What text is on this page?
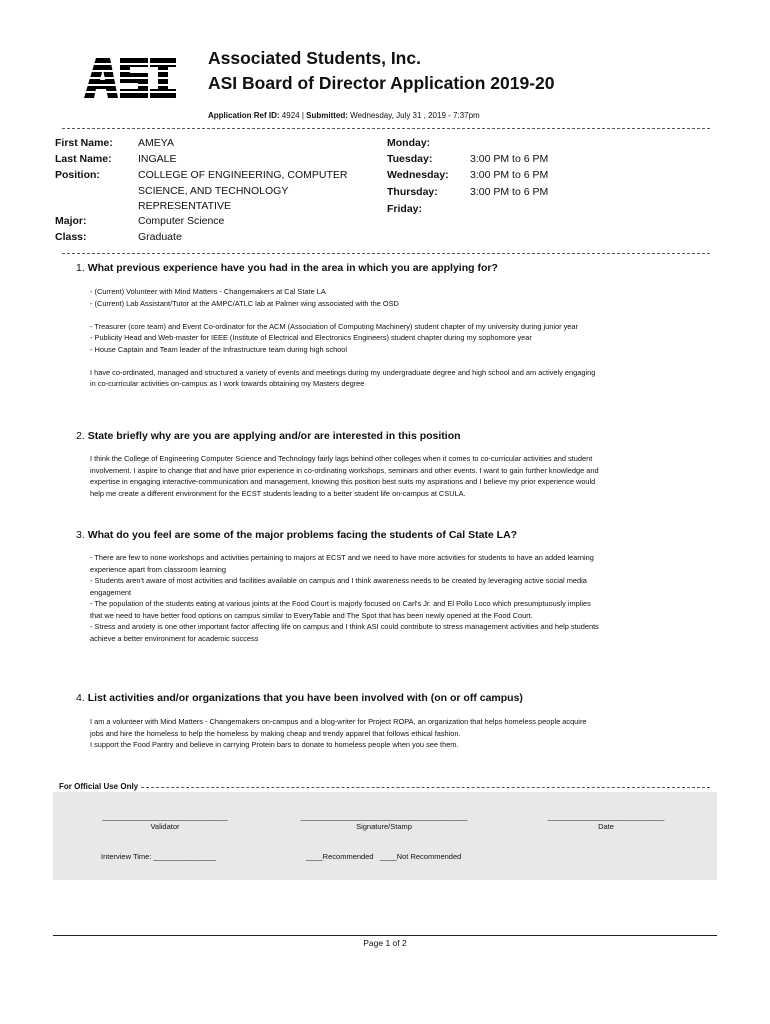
Associated Students, Inc.
ASI Board of Director Application 2019-20
Application Ref ID: 4924 | Submitted: Wednesday, July 31 , 2019 - 7:37pm
First Name: AMEYA
Last Name:	INGALE
Position:	COLLEGE OF ENGINEERING, COMPUTER
SCIENCE, AND TECHNOLOGY
REPRESENTATIVE
Major:	Computer Science
Class:	Graduate
Monday:
Tuesday:	3:00 PM to 6 PM
Wednesday: 3:00 PM to 6 PM
Thursday:	3:00 PM to 6 PM
Friday:
1. What previous experience have you had in the area in which you are applying for?

- (Current) Volunteer with Mind Matters - Changemakers at Cal State LA

- (Current) Lab Assistant/Tutor at the AMPC/ATLC lab at Palmer wing associated with the OSD

- Treasurer (core team) and Event Co-ordinator for the ACM (Association of Computing Machinery) student chapter of my university during junior year

- Publicity Head and Web-master for IEEE (Institute of Electrical and Electronics Engineers) student chapter during my sophomore year

- House Captain and Team leader of the Infrastructure team during high school

I have co-ordinated, managed and structured a variety of events and meetings during my undergraduate degree and high school and am actively engaging

in co-curricular activities on-campus as I work towards obtaining my Masters degree

2. State briefly why are you are applying and/or are interested in this position

I think the College of Engineering Computer Science and Technology fairly lags behind other colleges when it comes to co-curricular activities and student

involvement. I aspire to change that and have prior experience in co-ordinating workshops, seminars and other events. I want to gain further knowledge and

expertise in engaging interactive-communication and management, knowing this position best suits my aspirations and I believe my prior experience would

help me create a different environment for the ECST students leading to a better student life on-campus at CSULA.

3. What do you feel are some of the major problems facing the students of Cal State LA?

- There are few to none workshops and activities pertaining to majors at ECST and we need to have more activities for students to have an added learning

experience apart from classroom learning

- Students aren't aware of most activities and facilities available on campus and I think awareness needs to be created by leveraging active social media

engagement

- The population of the students eating at various joints at the Food Court is majorly focused on Carl's Jr. and El Pollo Loco which presumptuously implies

that we need to have better food options on campus similar to EveryTable and The Spot that has been newly opened at the Food Court.

- Stress and anxiety is one other important factor affecting life on campus and I think ASI could contribute to stress management activities and help students

achieve a better environment for academic success

4. List activities and/or organizations that you have been involved with (on or off campus)

I am a volunteer with Mind Matters - Changemakers on-campus and a blog-writer for Project ROPA, an organization that helps homeless people acquire

jobs and hire the homeless to help the homeless by making cheap and trendy apparel that follows ethical fashion.

I support the Food Pantry and believe in carrying Protein bars to donate to homeless people when you see them.

For Official Use Only
______________________________
Validator
________________________________________
Signature/Stamp
____________________________
Date
Interview Time: _______________	____Recommended ____Not Recommended
Page 1 of 2
